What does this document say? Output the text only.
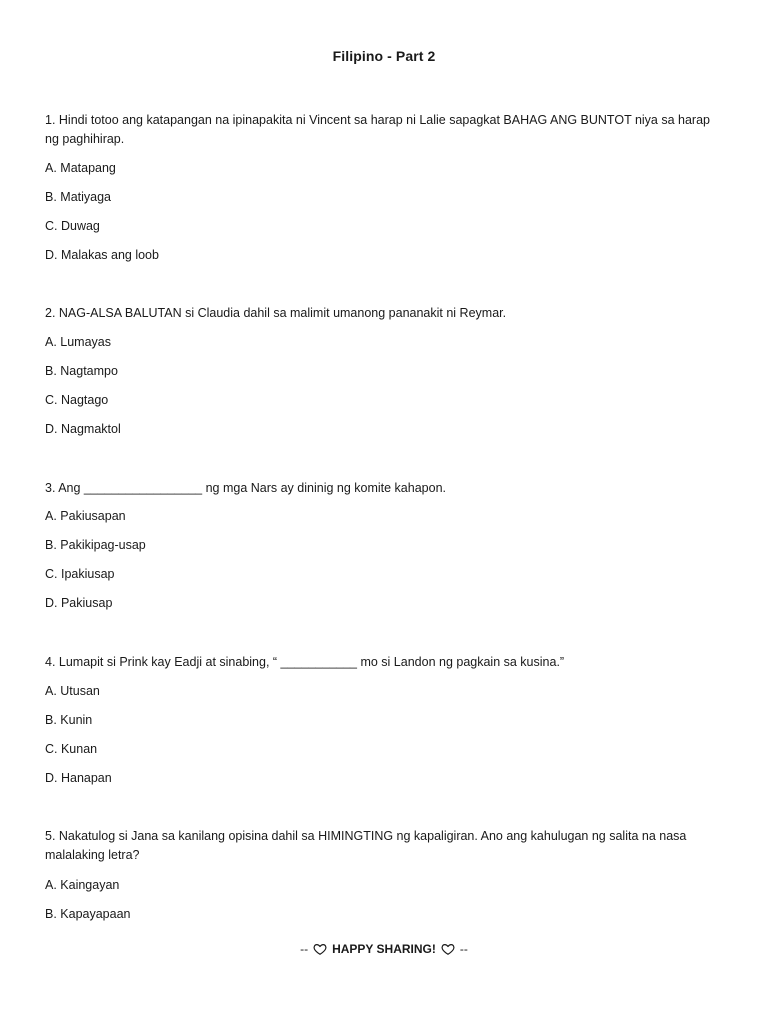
Filipino - Part 2

1. Hindi totoo ang katapangan na ipinapakita ni Vincent sa harap ni Lalie sapagkat BAHAG ANG BUNTOT niya sa harap ng paghihirap.

A. Matapang

B. Matiyaga

C. Duwag

D. Malakas ang loob

2. NAG-ALSA BALUTAN si Claudia dahil sa malimit umanong pananakit ni Reymar.

A. Lumayas

B. Nagtampo

C. Nagtago

D. Nagmaktol

3. Ang _________________ ng mga Nars ay dininig ng komite kahapon.

A. Pakiusapan

B. Pakikipag-usap

C. Ipakiusap

D. Pakiusap

4. Lumapit si Prink kay Eadji at sinabing, “ ___________ mo si Landon ng pagkain sa kusina.”

A. Utusan

B. Kunin

C. Kunan

D. Hanapan

5. Nakatulog si Jana sa kanilang opisina dahil sa HIMINGTING ng kapaligiran. Ano ang kahulugan ng salita na nasa malalaking letra?

A. Kaingayan

B. Kapayapaan

-- HAPPY SHARING! --
